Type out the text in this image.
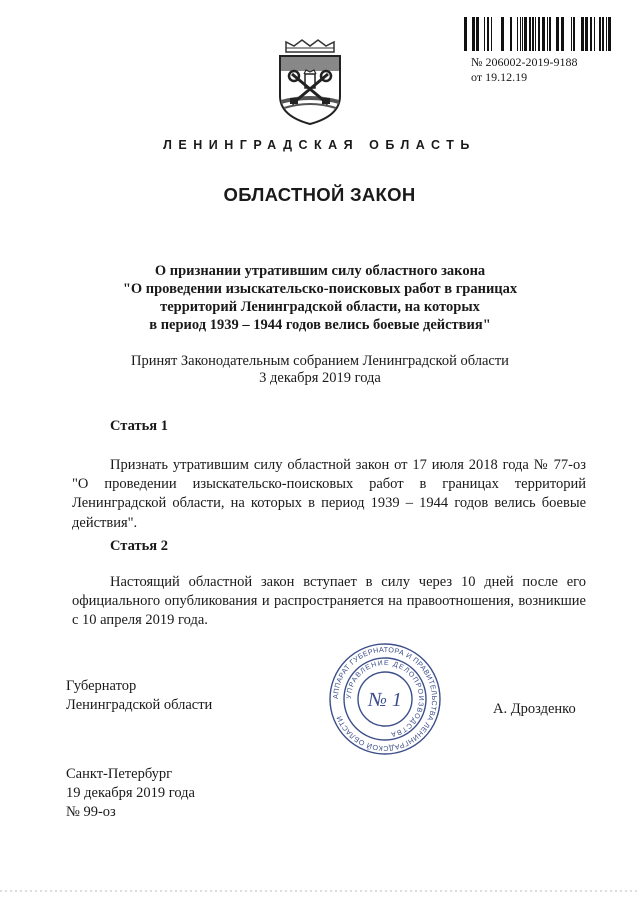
№ 206002-2019-9188
от 19.12.19
ЛЕНИНГРАДСКАЯ ОБЛАСТЬ
ОБЛАСТНОЙ ЗАКОН
О признании утратившим силу областного закона
"О проведении изыскательско-поисковых работ в границах
территорий Ленинградской области, на которых
в период 1939 – 1944 годов велись боевые действия"
Принят Законодательным собранием Ленинградской области
3 декабря 2019 года
Статья 1
Признать утратившим силу областной закон от 17 июля 2018 года № 77-оз "О проведении изыскательско-поисковых работ в границах территорий Ленинградской области, на которых в период 1939 – 1944 годов велись боевые действия".
Статья 2
Настоящий областной закон вступает в силу через 10 дней после его официального опубликования и распространяется на правоотношения, возникшие с 10 апреля 2019 года.
Губернатор
Ленинградской области
АППАРАТ ГУБЕРНАТОРА И ПРАВИТЕЛЬСТВА ЛЕНИНГРАДСКОЙ ОБЛАСТИ
УПРАВЛЕНИЕ ДЕЛОПРОИЗВОДСТВА
№ 1	А. Дрозденко
Санкт-Петербург
19 декабря 2019 года
№ 99-оз
